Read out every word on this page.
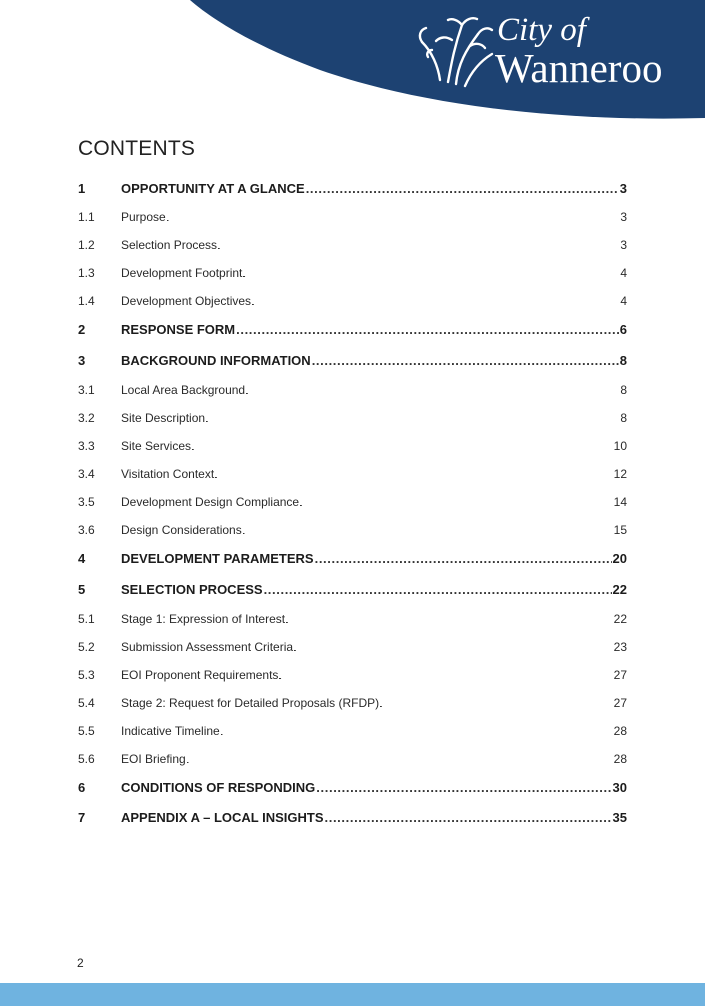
City of
Wanneroo
CONTENTS
1	OPPORTUNITY AT A GLANCE . . .	3
1.1	Purpose . . .	3
1.2	Selection Process . . .	3
1.3	Development Footprint . . .	4
1.4	Development Objectives . . .	4
2	RESPONSE FORM . . .	6
3	BACKGROUND INFORMATION . . .	8
3.1	Local Area Background . . .	8
3.2	Site Description . . .	8
3.3	Site Services . . .	10
3.4	Visitation Context . . .	12
3.5	Development Design Compliance . . .	14
3.6	Design Considerations . . .	15
4	DEVELOPMENT PARAMETERS . . .	20
5	SELECTION PROCESS . . .	22
5.1	Stage 1: Expression of Interest . . .	22
5.2	Submission Assessment Criteria . . .	23
5.3	EOI Proponent Requirements . . .	27
5.4	Stage 2: Request for Detailed Proposals (RFDP) . . .	27
5.5	Indicative Timeline . . .	28
5.6	EOI Briefing . . .	28
6	CONDITIONS OF RESPONDING . . .	30
7	APPENDIX A – LOCAL INSIGHTS . . .	35
2
